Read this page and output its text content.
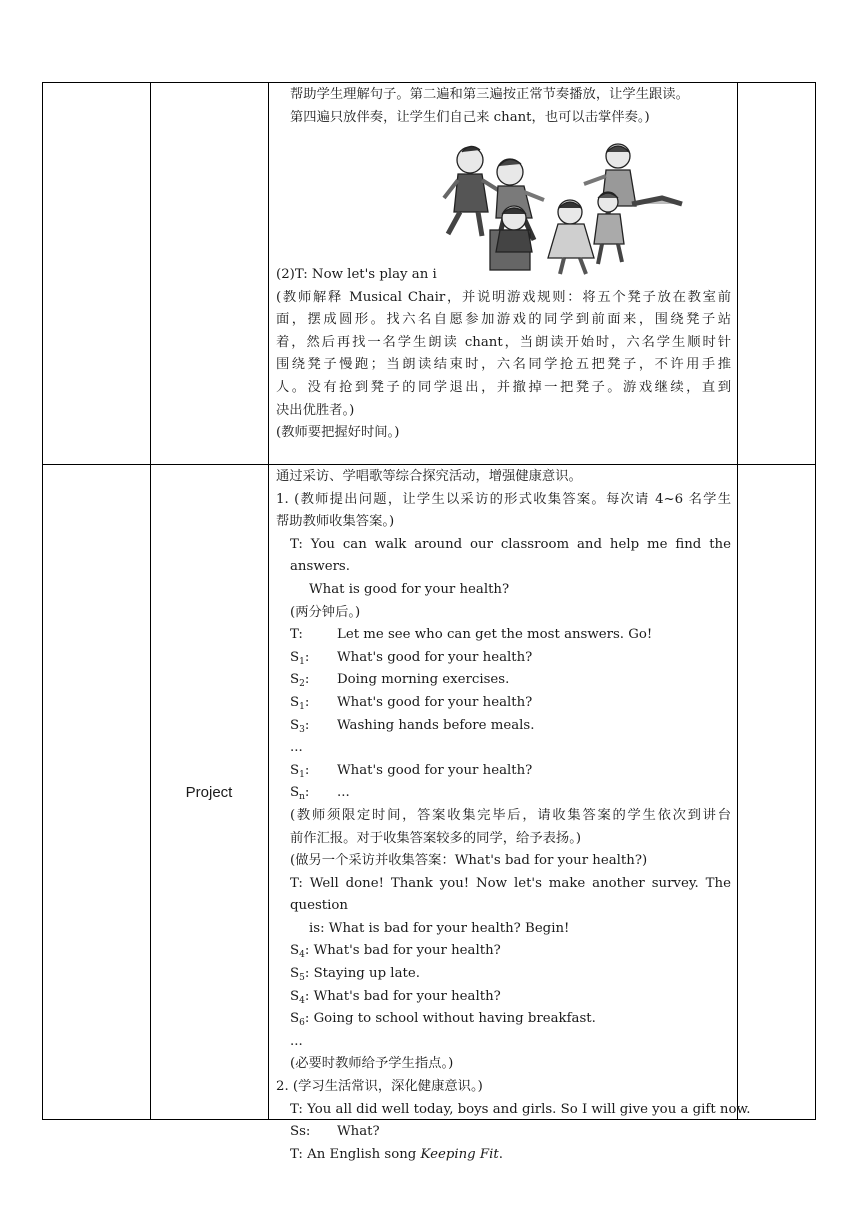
帮助学生理解句子。第二遍和第三遍按正常节奏播放，让学生跟读。

第四遍只放伴奏，让学生们自己来 chant，也可以击掌伴奏。)

(2)T: Now let's play an i

(教师解释 Musical Chair，并说明游戏规则：将五个凳子放在教室前

面，摆成圆形。找六名自愿参加游戏的同学到前面来，围绕凳子站

着，然后再找一名学生朗读 chant，当朗读开始时，六名学生顺时针

围绕凳子慢跑；当朗读结束时，六名同学抢五把凳子，不许用手推

人。没有抢到凳子的同学退出，并撤掉一把凳子。游戏继续，直到

决出优胜者。)

(教师要把握好时间。)

Project

通过采访、学唱歌等综合探究活动，增强健康意识。

1. (教师提出问题，让学生以采访的形式收集答案。每次请 4~6 名学生

帮助教师收集答案。)

T: You can walk around our classroom and help me find the answers.

What is good for your health?

(两分钟后。)

T:	Let me see who can get the most answers. Go!

$S_1$: What's good for your health?

$S_2$: Doing morning exercises.

$S_1$: What's good for your health?

$S_3$: Washing hands before meals.

...

$S_1$: What's good for your health?

$S_n$: ...

(教师须限定时间，答案收集完毕后，请收集答案的学生依次到讲台

前作汇报。对于收集答案较多的同学，给予表扬。)

(做另一个采访并收集答案：What's bad for your health?)

T: Well done! Thank you! Now let's make another survey. The question

is: What is bad for your health? Begin!

$S_4$: What's bad for your health?

$S_5$: Staying up late.

$S_4$: What's bad for your health?

$S_6$: Going to school without having breakfast.

...

(必要时教师给予学生指点。)

2. (学习生活常识，深化健康意识。)

T: You all did well today, boys and girls. So I will give you a gift now.

Ss: What?

T: An English song Keeping Fit.
